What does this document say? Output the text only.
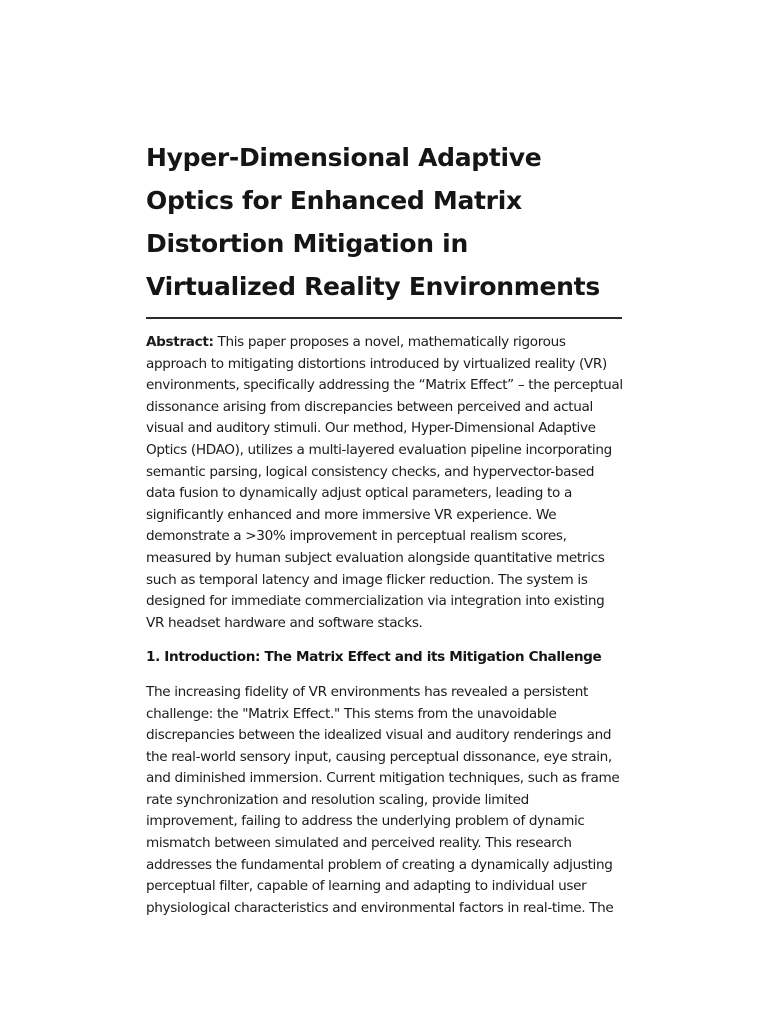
Hyper-Dimensional Adaptive Optics for Enhanced Matrix Distortion Mitigation in Virtualized Reality Environments

Abstract: This paper proposes a novel, mathematically rigorous approach to mitigating distortions introduced by virtualized reality (VR) environments, specifically addressing the “Matrix Effect” – the perceptual dissonance arising from discrepancies between perceived and actual visual and auditory stimuli. Our method, Hyper-Dimensional Adaptive Optics (HDAO), utilizes a multi-layered evaluation pipeline incorporating semantic parsing, logical consistency checks, and hypervector-based data fusion to dynamically adjust optical parameters, leading to a significantly enhanced and more immersive VR experience. We demonstrate a >30% improvement in perceptual realism scores, measured by human subject evaluation alongside quantitative metrics such as temporal latency and image flicker reduction. The system is designed for immediate commercialization via integration into existing VR headset hardware and software stacks.

1. Introduction: The Matrix Effect and its Mitigation Challenge

The increasing fidelity of VR environments has revealed a persistent challenge: the "Matrix Effect." This stems from the unavoidable discrepancies between the idealized visual and auditory renderings and the real-world sensory input, causing perceptual dissonance, eye strain, and diminished immersion. Current mitigation techniques, such as frame rate synchronization and resolution scaling, provide limited improvement, failing to address the underlying problem of dynamic mismatch between simulated and perceived reality. This research addresses the fundamental problem of creating a dynamically adjusting perceptual filter, capable of learning and adapting to individual user physiological characteristics and environmental factors in real-time. The
